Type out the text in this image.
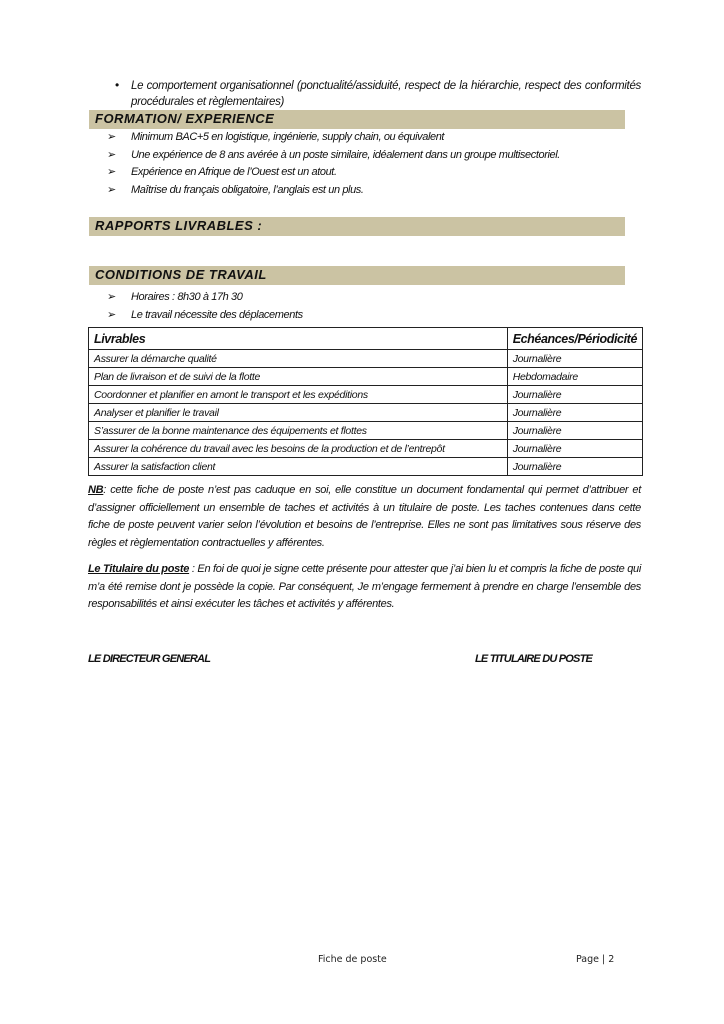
• Le comportement organisationnel (ponctualité/assiduité, respect de la hiérarchie, respect des conformités procédurales et règlementaires)
FORMATION/ EXPERIENCE
➢ Minimum BAC+5 en logistique, ingénierie, supply chain, ou équivalent
➢ Une expérience de 8 ans avérée à un poste similaire, idéalement dans un groupe multisectoriel.
➢ Expérience en Afrique de l’Ouest est un atout.
➢ Maîtrise du français obligatoire, l’anglais est un plus.
RAPPORTS LIVRABLES :
CONDITIONS DE TRAVAIL
➢ Horaires : 8h30 à 17h 30
➢ Le travail nécessite des déplacements
Livrables	Echéances/Périodicité
Assurer la démarche qualité	Journalière
Plan de livraison et de suivi de la flotte	Hebdomadaire
Coordonner et planifier en amont le transport et les expéditions	Journalière
Analyser et planifier le travail	Journalière
S’assurer de la bonne maintenance des équipements et flottes	Journalière
Assurer la cohérence du travail avec les besoins de la production et de l’entrepôt	Journalière
Assurer la satisfaction client	Journalière
NB: cette fiche de poste n’est pas caduque en soi, elle constitue un document fondamental qui permet d’attribuer et d’assigner officiellement un ensemble de taches et activités à un titulaire de poste. Les taches contenues dans cette fiche de poste peuvent varier selon l’évolution et besoins de l’entreprise. Elles ne sont pas limitatives sous réserve des règles et règlementation contractuelles y afférentes.
Le Titulaire du poste : En foi de quoi je signe cette présente pour attester que j’ai bien lu et compris la fiche de poste qui m’a été remise dont je possède la copie. Par conséquent, Je m’engage fermement à prendre en charge l’ensemble des responsabilités et ainsi exécuter les tâches et activités y afférentes.
LE DIRECTEUR GENERAL	LE TITULAIRE DU POSTE
Fiche de poste	Page | 2
